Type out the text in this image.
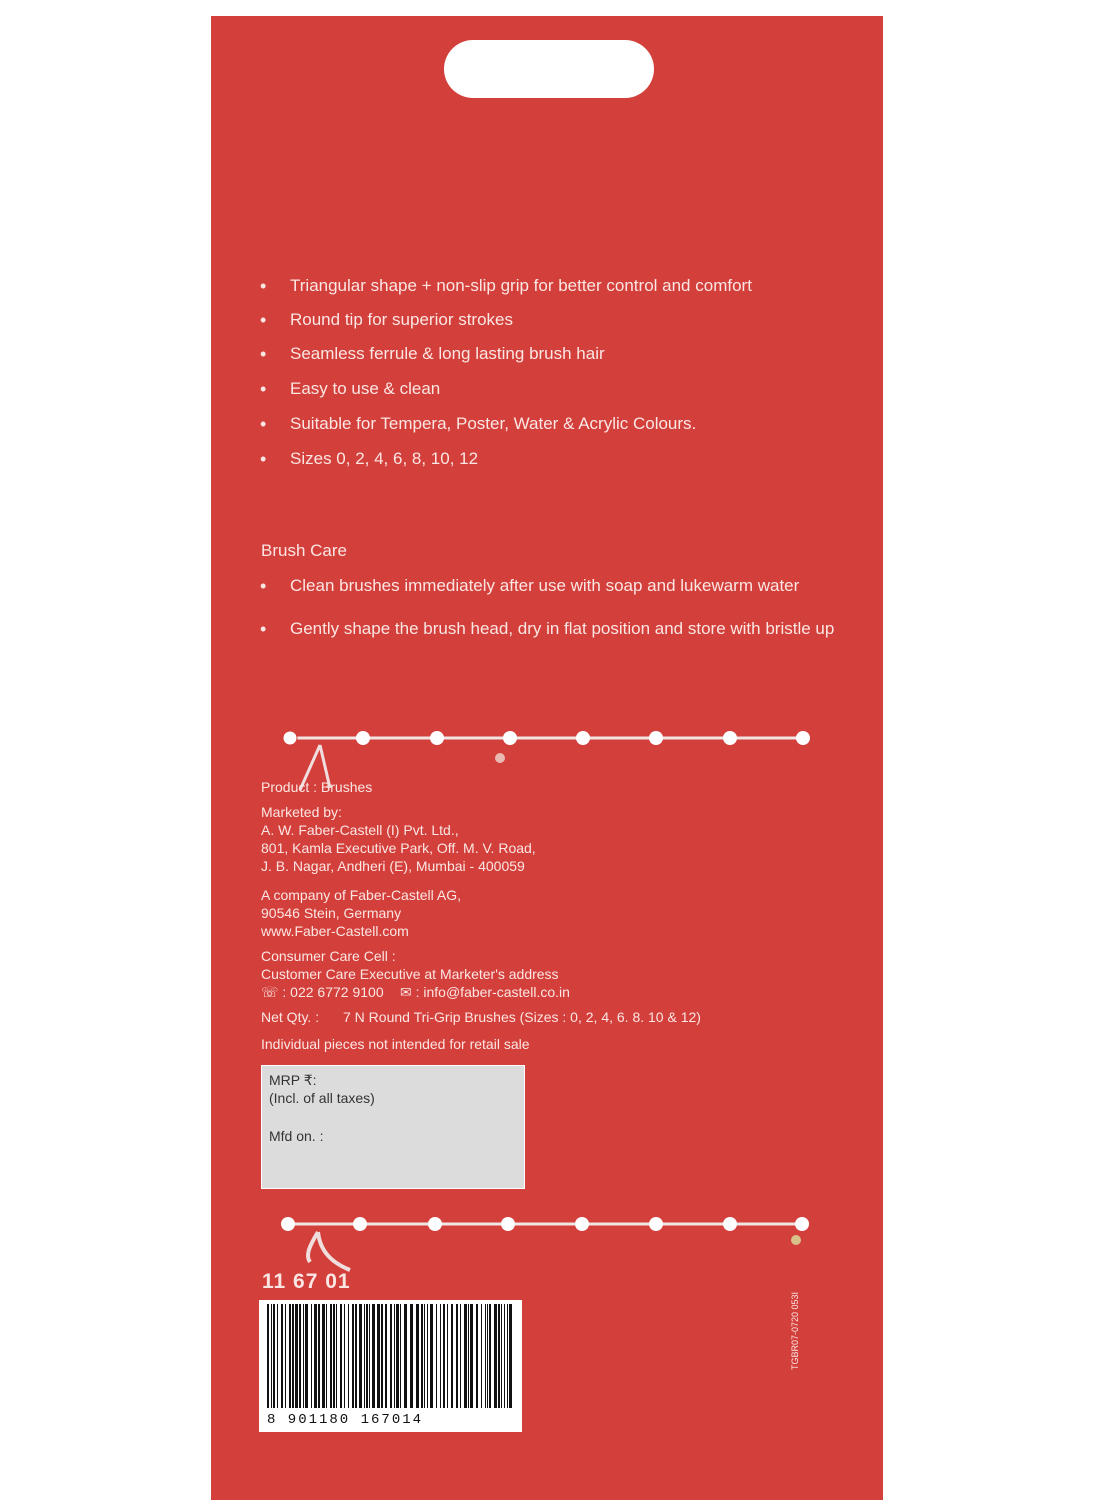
• Triangular shape + non-slip grip for better control and comfort
• Round tip for superior strokes
• Seamless ferrule & long lasting brush hair
• Easy to use & clean
• Suitable for Tempera, Poster, Water & Acrylic Colours.
• Sizes 0, 2, 4, 6, 8, 10, 12
Brush Care
• Clean brushes immediately after use with soap and lukewarm water
• Gently shape the brush head, dry in flat position and store with bristle up
Product : Brushes
Marketed by:
A. W. Faber-Castell (I) Pvt. Ltd.,
801, Kamla Executive Park, Off. M. V. Road,
J. B. Nagar, Andheri (E), Mumbai - 400059
A company of Faber-Castell AG,
90546 Stein, Germany
www.Faber-Castell.com
Consumer Care Cell :
Customer Care Executive at Marketer's address
☏ : 022 6772 9100 ✉ : info@faber-castell.co.in
Net Qty. : 7 N Round Tri-Grip Brushes (Sizes : 0, 2, 4, 6. 8. 10 & 12)
Individual pieces not intended for retail sale
MRP ₹:
(Incl. of all taxes)
Mfd on. :
11 67 01
8 901180 167014
TGBR07-0720 053I
